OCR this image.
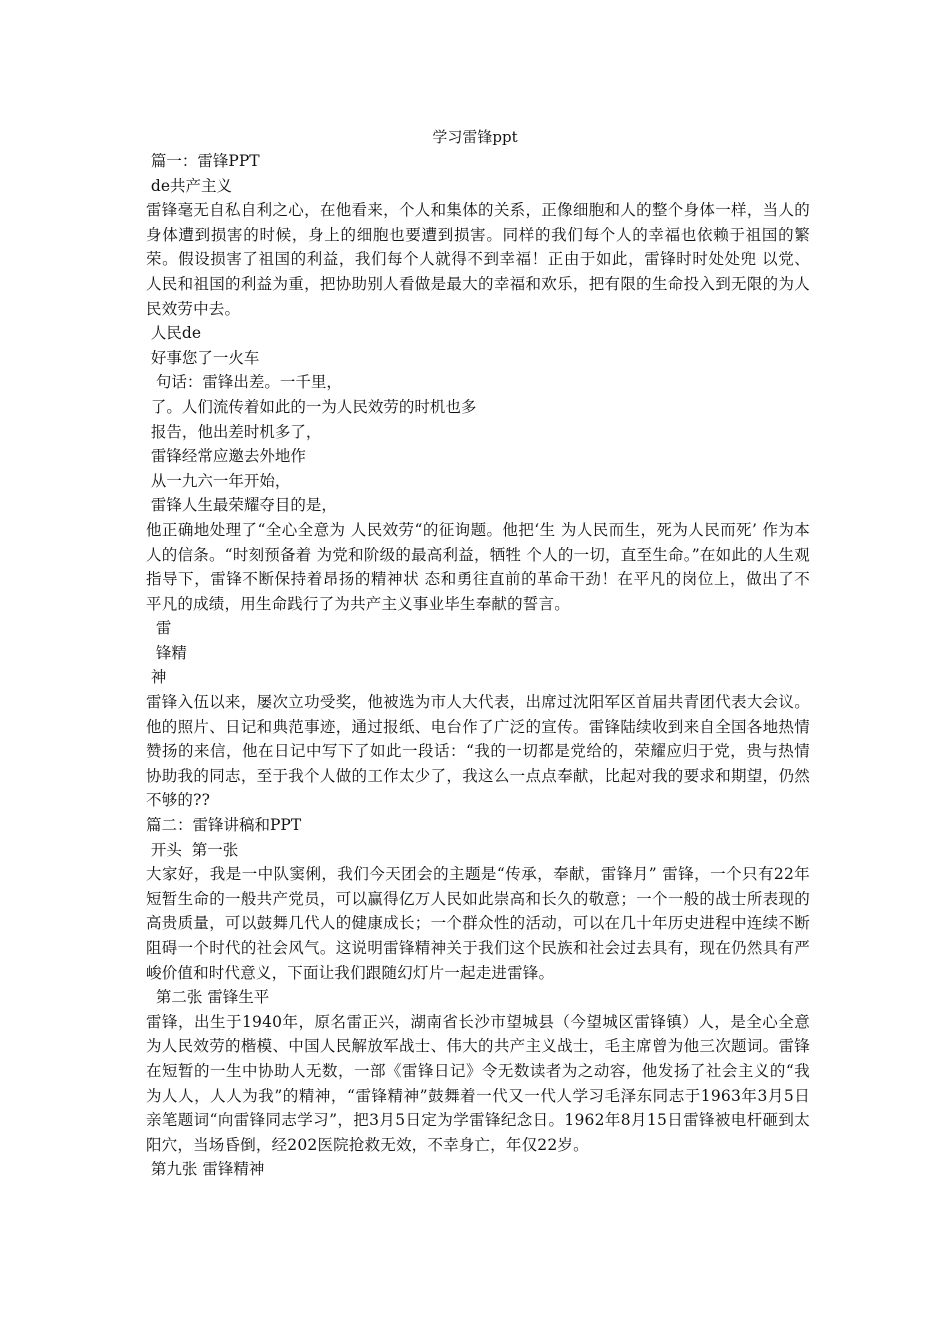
学习雷锋ppt
篇一：雷锋PPT
de共产主义
雷锋毫无自私自利之心，在他看来，个人和集体的关系，正像细胞和人的整个身体一样，当人的身体遭到损害的时候，身上的细胞也要遭到损害。同样的我们每个人的幸福也依赖于祖国的繁荣。假设损害了祖国的利益，我们每个人就得不到幸福！正由于如此，雷锋时时处处兜 以党、人民和祖国的利益为重，把协助别人看做是最大的幸福和欢乐，把有限的生命投入到无限的为人民效劳中去。
人民de
好事您了一火车
句话：雷锋出差。一千里，
了。人们流传着如此的一为人民效劳的时机也多
报告，他出差时机多了，
雷锋经常应邀去外地作
从一九六一年开始，
雷锋人生最荣耀夺目的是，
他正确地处理了“全心全意为 人民效劳“的征询题。他把‘生 为人民而生，死为人民而死’ 作为本人的信条。“时刻预备着 为党和阶级的最高利益，牺牲 个人的一切，直至生命。”在如此的人生观指导下，雷锋不断保持着昂扬的精神状 态和勇往直前的革命干劲！在平凡的岗位上，做出了不 平凡的成绩，用生命践行了为共产主义事业毕生奉献的誓言。
雷
锋精
神
雷锋入伍以来，屡次立功受奖，他被选为市人大代表，出席过沈阳军区首届共青团代表大会议。他的照片、日记和典范事迹，通过报纸、电台作了广泛的宣传。雷锋陆续收到来自全国各地热情赞扬的来信，他在日记中写下了如此一段话：“我的一切都是党给的，荣耀应归于党，贵与热情协助我的同志，至于我个人做的工作太少了，我这么一点点奉献，比起对我的要求和期望，仍然不够的??
篇二：雷锋讲稿和PPT
开头  第一张
大家好，我是一中队窦俐，我们今天团会的主题是“传承，奉献，雷锋月” 雷锋，一个只有22年短暂生命的一般共产党员，可以赢得亿万人民如此崇高和长久的敬意；一个一般的战士所表现的高贵质量，可以鼓舞几代人的健康成长；一个群众性的活动，可以在几十年历史进程中连续不断阻碍一个时代的社会风气。这说明雷锋精神关于我们这个民族和社会过去具有，现在仍然具有严峻价值和时代意义，下面让我们跟随幻灯片一起走进雷锋。
第二张 雷锋生平
雷锋，出生于1940年，原名雷正兴，湖南省长沙市望城县（今望城区雷锋镇）人，是全心全意为人民效劳的楷模、中国人民解放军战士、伟大的共产主义战士，毛主席曾为他三次题词。雷锋在短暂的一生中协助人无数，一部《雷锋日记》令无数读者为之动容，他发扬了社会主义的“我为人人，人人为我”的精神，“雷锋精神”鼓舞着一代又一代人学习毛泽东同志于1963年3月5日亲笔题词“向雷锋同志学习”，把3月5日定为学雷锋纪念日。1962年8月15日雷锋被电杆砸到太阳穴，当场昏倒，经202医院抢救无效，不幸身亡，年仅22岁。
第九张 雷锋精神
